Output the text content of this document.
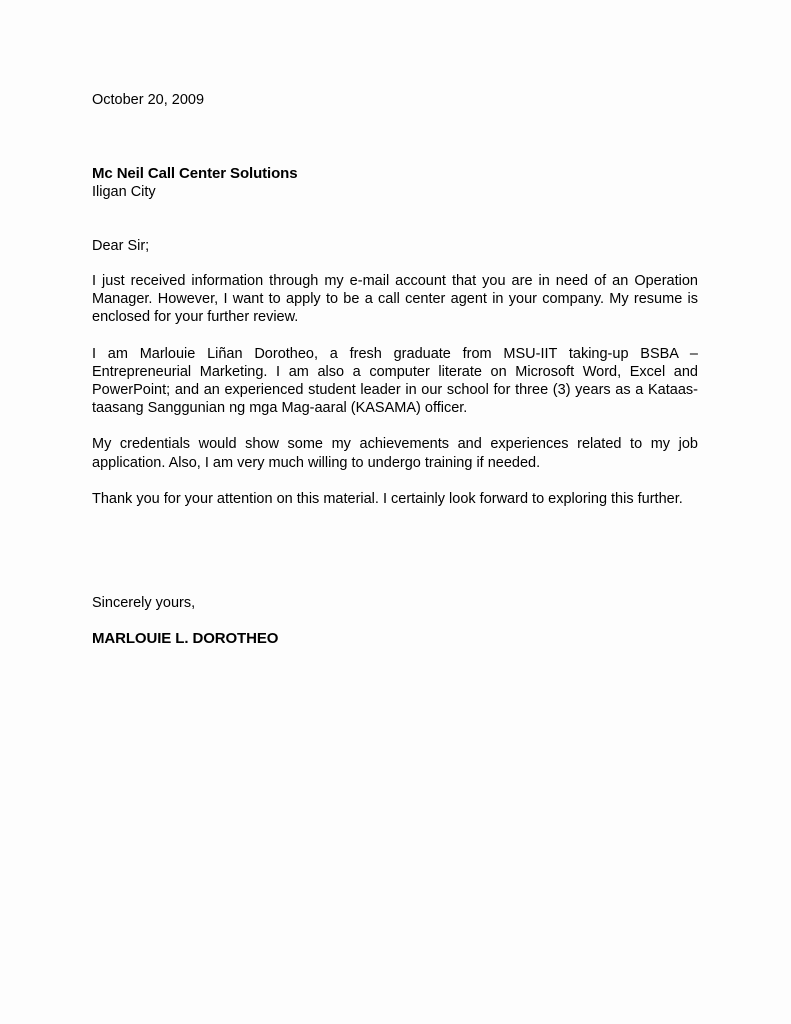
October 20, 2009
Mc Neil Call Center Solutions
Iligan City
Dear Sir;

I just received information through my e-mail account that you are in need of an Operation Manager. However, I want to apply to be a call center agent in your company. My resume is enclosed for your further review.

I am Marlouie Liñan Dorotheo, a fresh graduate from MSU-IIT taking-up BSBA – Entrepreneurial Marketing. I am also a computer literate on Microsoft Word, Excel and PowerPoint; and an experienced student leader in our school for three (3) years as a Kataas-taasang Sanggunian ng mga Mag-aaral (KASAMA) officer.

My credentials would show some my achievements and experiences related to my job application. Also, I am very much willing to undergo training if needed.

Thank you for your attention on this material. I certainly look forward to exploring this further.

Sincerely yours,
MARLOUIE L. DOROTHEO
